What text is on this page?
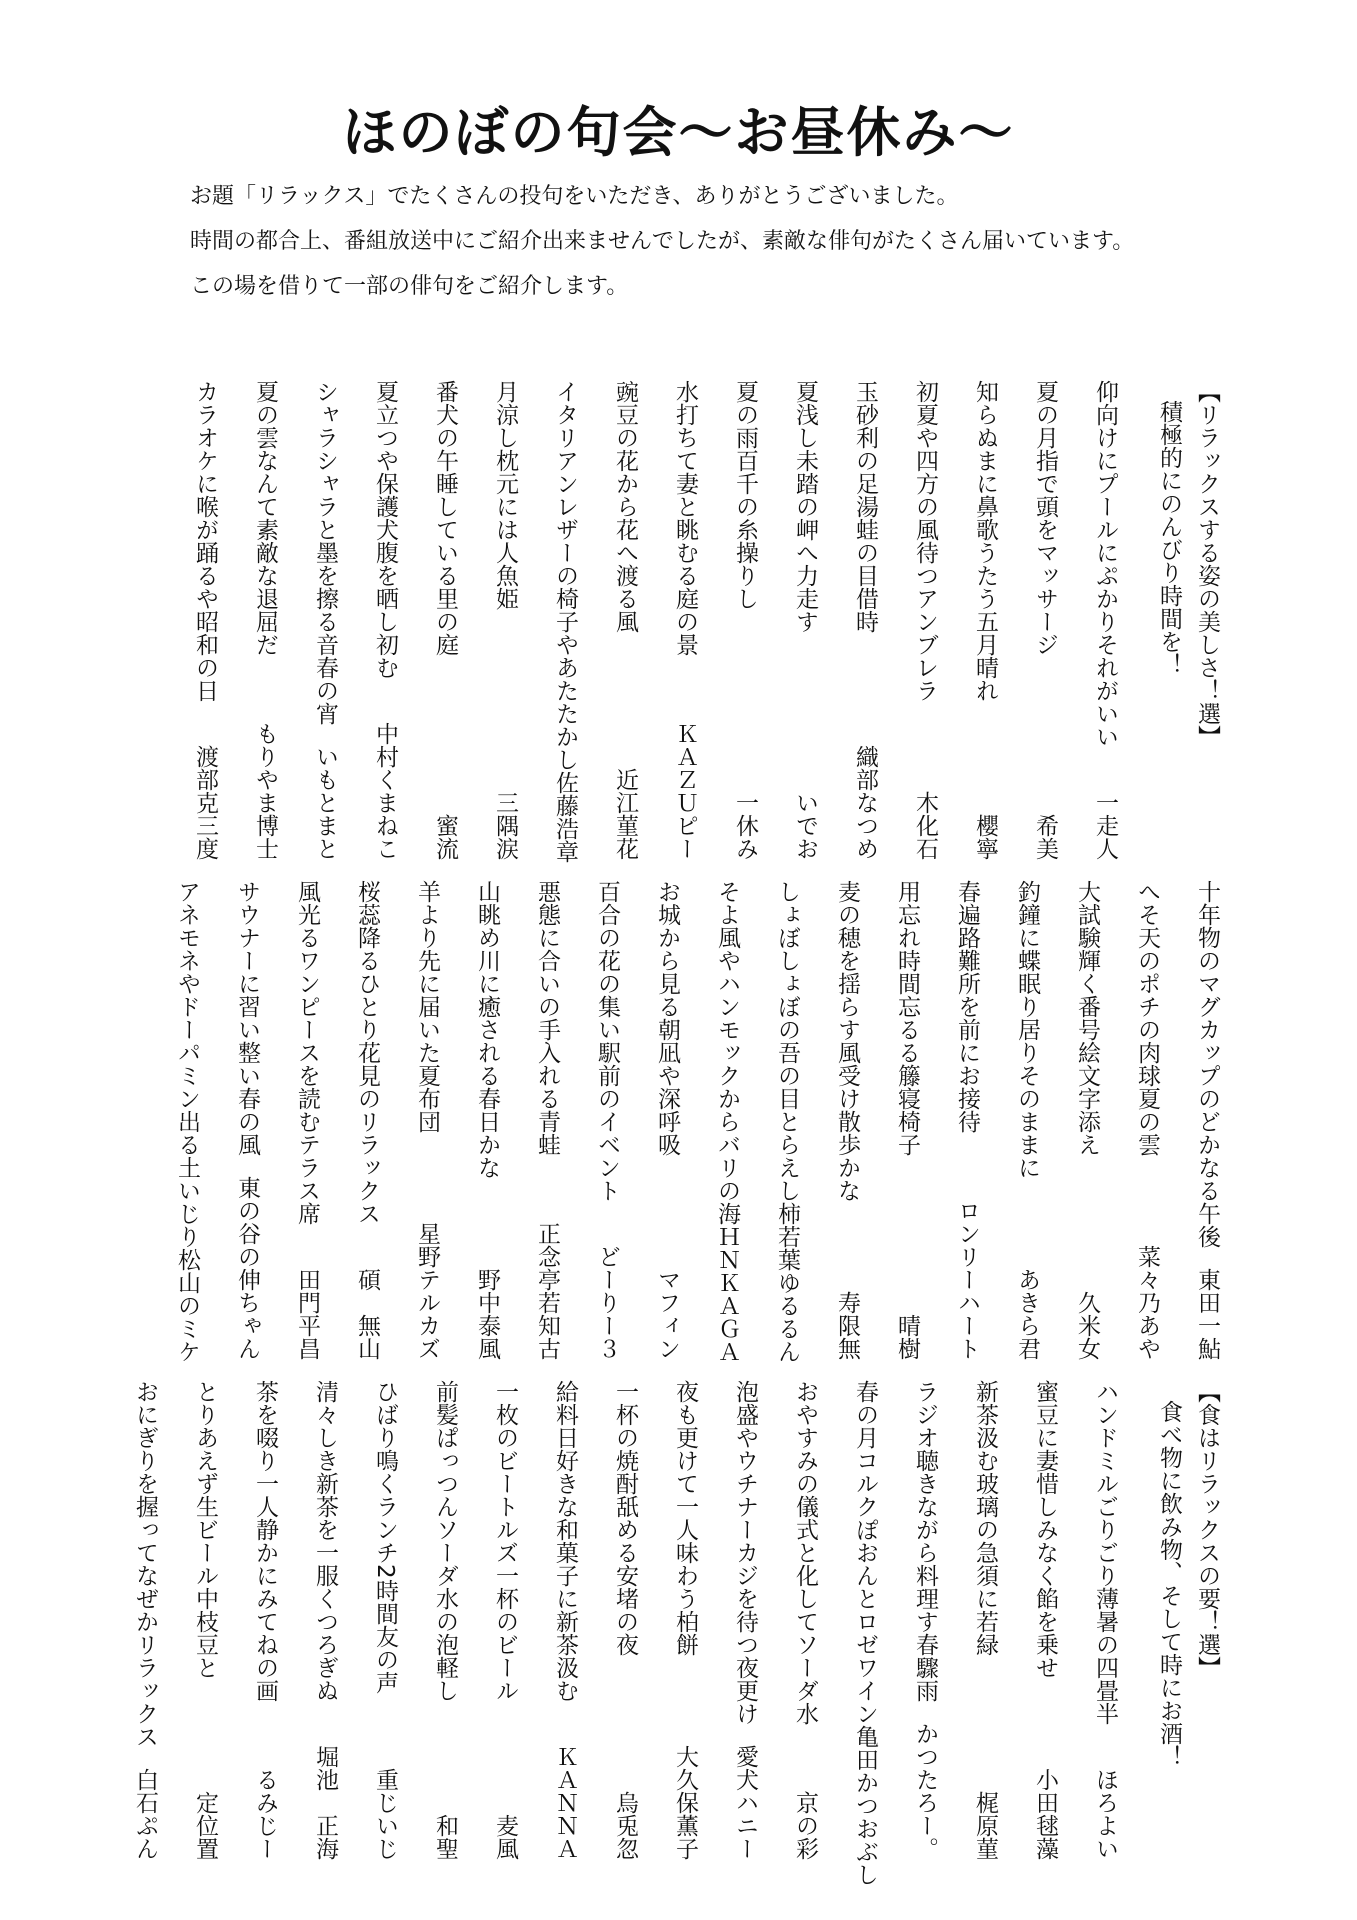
ほのぼの句会〜お昼休み〜

お題「リラックス」でたくさんの投句をいただき、ありがとうございました。

時間の都合上、番組放送中にご紹介出来ませんでしたが、素敵な俳句がたくさん届いています。

この場を借りて一部の俳句をご紹介します。

【リラックスする姿の美しさ！選】
積極的にのんびり時間を！
仰向けにプールにぷかりそれがいい
一走人
夏の月指で頭をマッサージ
希美
知らぬまに鼻歌うたう五月晴れ
櫻寧
初夏や四方の風待つアンブレラ
木化石
玉砂利の足湯蛙の目借時
織部なつめ
夏浅し未踏の岬へ力走す
いでお
夏の雨百千の糸操りし
一休み
水打ちて妻と眺むる庭の景
ＫＡＺＵピー
豌豆の花から花へ渡る風
近江菫花
イタリアンレザーの椅子やあたたかし
佐藤浩章
月涼し枕元には人魚姫
三隅涙
番犬の午睡している里の庭
蜜流
夏立つや保護犬腹を晒し初む
中村くまねこ
シャラシャラと墨を擦る音春の宵
いもとまと
夏の雲なんて素敵な退屈だ
もりやま博士
カラオケに喉が踊るや昭和の日
渡部克三度
十年物のマグカップのどかなる午後
東田一鮎
へそ天のポチの肉球夏の雲
菜々乃あや
大試験輝く番号絵文字添え
久米女
釣鐘に蝶眠り居りそのままに
あきら君
春遍路難所を前にお接待
ロンリーハート
用忘れ時間忘るる籐寝椅子
晴樹
麦の穂を揺らす風受け散歩かな
寿限無
しょぼしょぼの吾の目とらえし柿若葉
ゆるるん
そよ風やハンモックからバリの海
ＨＮＫＡＧＡ
お城から見る朝凪や深呼吸
マフィン
百合の花の集い駅前のイベント
どーりー３
悪態に合いの手入れる青蛙
正念亭若知古
山眺め川に癒される春日かな
野中泰風
羊より先に届いた夏布団
星野テルカズ
桜蕊降るひとり花見のリラックス
碩　無山
風光るワンピースを読むテラス席
田門平昌
サウナーに習い整い春の風
東の谷の伸ちゃん
アネモネやドーパミン出る土いじり
松山のミケ
【食はリラックスの要！選】
食べ物に飲み物、そして時にお酒！
ハンドミルごりごり薄暑の四畳半
ほろよい
蜜豆に妻惜しみなく餡を乗せ
小田毬藻
新茶汲む玻璃の急須に若緑
梶原菫
ラジオ聴きながら料理す春驟雨
かつたろー。
春の月コルクぽおんとロゼワイン
亀田かつおぶし
おやすみの儀式と化してソーダ水
京の彩
泡盛やウチナーカジを待つ夜更け
愛犬ハニー
夜も更けて一人味わう柏餅
大久保薫子
一杯の焼酎舐める安堵の夜
烏兎忽
給料日好きな和菓子に新茶汲む
ＫＡＮＮＡ
一枚のビートルズ一杯のビール
麦風
前髪ぱっつんソーダ水の泡軽し
和聖
ひばり鳴くランチ2時間友の声
重じいじ
清々しき新茶を一服くつろぎぬ
堀池　正海
茶を啜り一人静かにみてねの画
るみじー
とりあえず生ビール中枝豆と
定位置
おにぎりを握ってなぜかリラックス
白石ぷん
